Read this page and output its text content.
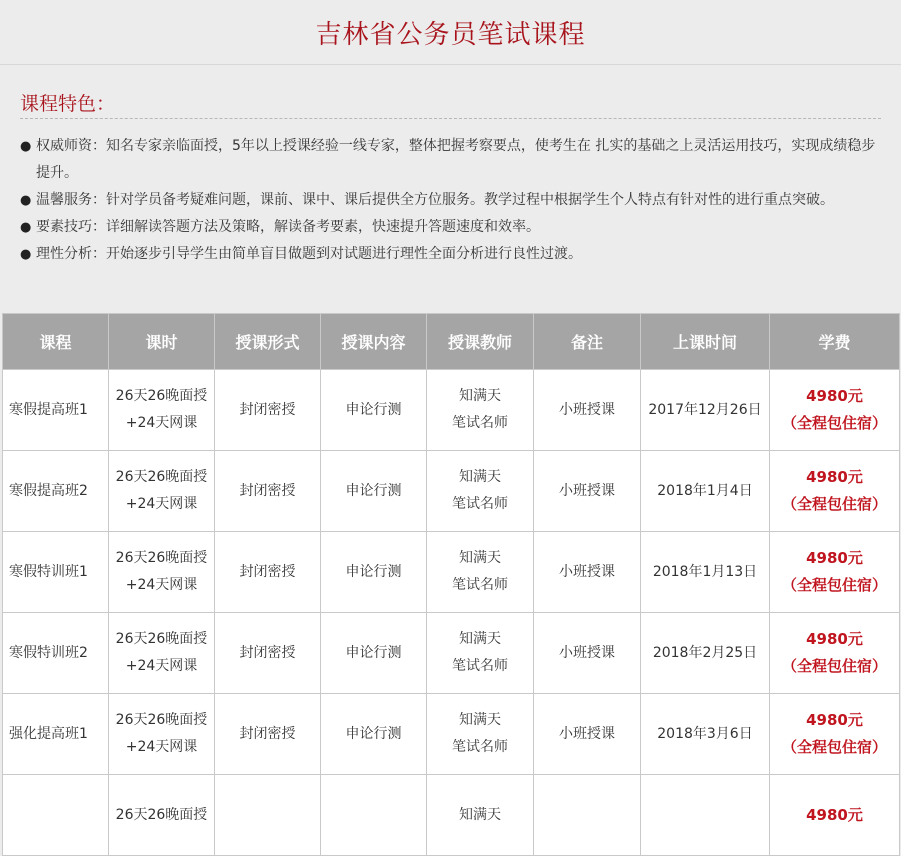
吉林省公务员笔试课程
课程特色：
● 权威师资：知名专家亲临面授，5年以上授课经验一线专家，整体把握考察要点，使考生在 扎实的基础之上灵活运用技巧，实现成绩稳步提升。
● 温馨服务：针对学员备考疑难问题，课前、课中、课后提供全方位服务。教学过程中根据学生个人特点有针对性的进行重点突破。
● 要素技巧：详细解读答题方法及策略，解读备考要素，快速提升答题速度和效率。
● 理性分析：开始逐步引导学生由简单盲目做题到对试题进行理性全面分析进行良性过渡。
课程	课时	授课形式	授课内容	授课教师	备注	上课时间	学费
寒假提高班1	26天26晚面授
+24天网课	封闭密授	申论行测	知满天
笔试名师	小班授课	2017年12月26日	4980元
（全程包住宿）

寒假提高班2	26天26晚面授
+24天网课	封闭密授	申论行测	知满天
笔试名师	小班授课	2018年1月4日	4980元
（全程包住宿）

寒假特训班1	26天26晚面授
+24天网课	封闭密授	申论行测	知满天
笔试名师	小班授课	2018年1月13日	4980元
（全程包住宿）

寒假特训班2	26天26晚面授
+24天网课	封闭密授	申论行测	知满天
笔试名师	小班授课	2018年2月25日	4980元
（全程包住宿）

强化提高班1	26天26晚面授
+24天网课	封闭密授	申论行测	知满天
笔试名师	小班授课	2018年3月6日	4980元
（全程包住宿）

	26天26晚面授			知满天			4980元
